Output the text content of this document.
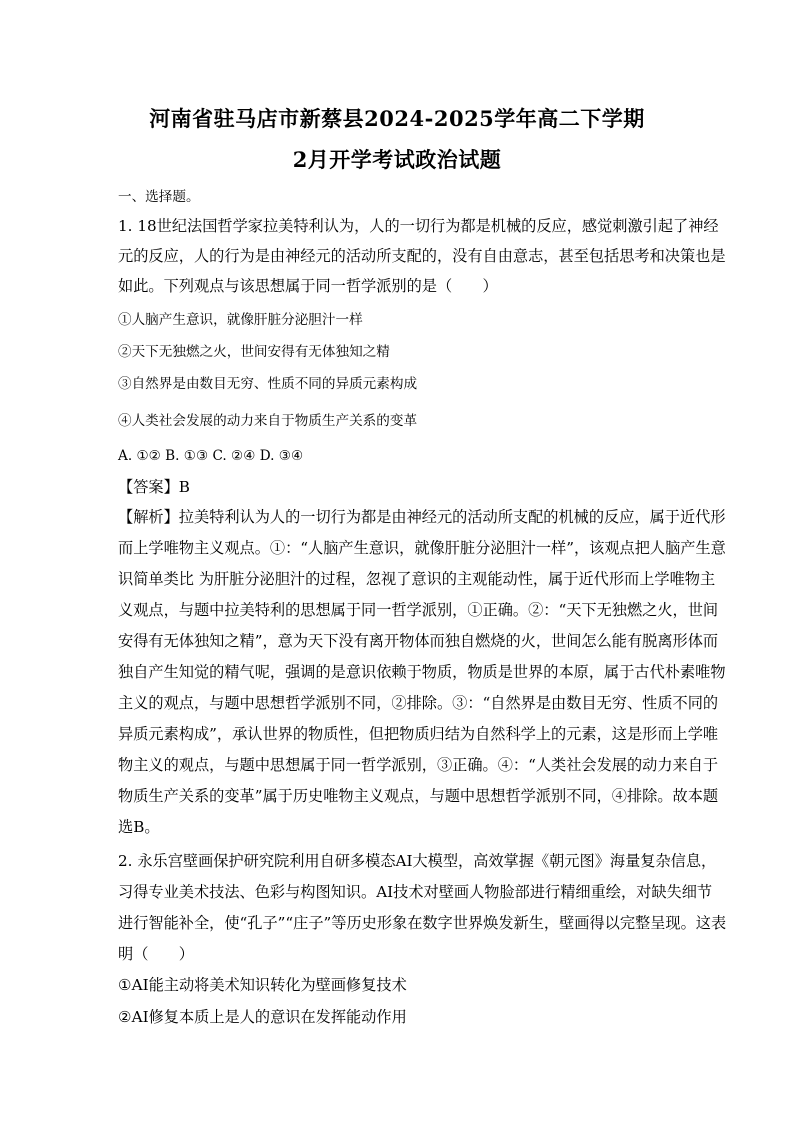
河南省驻马店市新蔡县2024-2025学年高二下学期
2月开学考试政治试题
一、选择题。
1. 18世纪法国哲学家拉美特利认为，人的一切行为都是机械的反应，感觉刺激引起了神经
元的反应，人的行为是由神经元的活动所支配的，没有自由意志，甚至包括思考和决策也是
如此。下列观点与该思想属于同一哲学派别的是（　　）
①人脑产生意识，就像肝脏分泌胆汁一样
②天下无独燃之火，世间安得有无体独知之精
③自然界是由数目无穷、性质不同的异质元素构成
④人类社会发展的动力来自于物质生产关系的变革
A. ①② B. ①③ C. ②④ D. ③④
【答案】B
【解析】拉美特利认为人的一切行为都是由神经元的活动所支配的机械的反应，属于近代形
而上学唯物主义观点。①：“人脑产生意识，就像肝脏分泌胆汁一样”，该观点把人脑产生意
识简单类比 为肝脏分泌胆汁的过程，忽视了意识的主观能动性，属于近代形而上学唯物主
义观点，与题中拉美特利的思想属于同一哲学派别，①正确。②：“天下无独燃之火，世间
安得有无体独知之精”，意为天下没有离开物体而独自燃烧的火，世间怎么能有脱离形体而
独自产生知觉的精气呢，强调的是意识依赖于物质，物质是世界的本原，属于古代朴素唯物
主义的观点，与题中思想哲学派别不同，②排除。③：“自然界是由数目无穷、性质不同的
异质元素构成”，承认世界的物质性，但把物质归结为自然科学上的元素，这是形而上学唯
物主义的观点，与题中思想属于同一哲学派别，③正确。④：“人类社会发展的动力来自于
物质生产关系的变革”属于历史唯物主义观点，与题中思想哲学派别不同，④排除。故本题
选B。
2. 永乐宫壁画保护研究院利用自研多模态AI大模型，高效掌握《朝元图》海量复杂信息，
习得专业美术技法、色彩与构图知识。AI技术对壁画人物脸部进行精细重绘，对缺失细节
进行智能补全，使“孔子”“庄子”等历史形象在数字世界焕发新生，壁画得以完整呈现。这表
明（　　）
①AI能主动将美术知识转化为壁画修复技术
②AI修复本质上是人的意识在发挥能动作用
